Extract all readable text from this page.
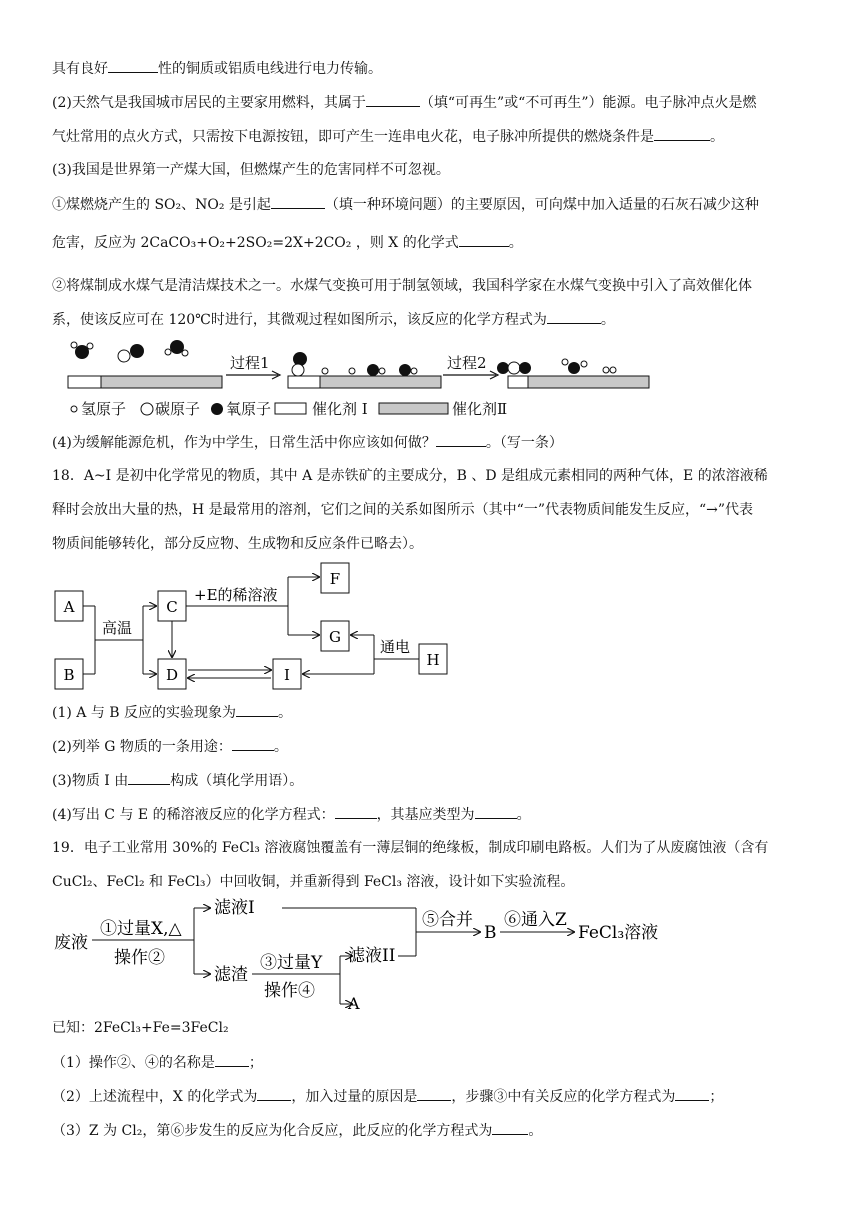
具有良好	性的铜质或铝质电线进行电力传输。
(2)天然气是我国城市居民的主要家用燃料，其属于	（填“可再生”或“不可再生”）能源。电子脉冲点火是燃
气灶常用的点火方式，只需按下电源按钮，即可产生一连串电火花，电子脉冲所提供的燃烧条件是	。
(3)我国是世界第一产煤大国，但燃煤产生的危害同样不可忽视。
①煤燃烧产生的 SO₂、NO₂ 是引起	（填一种环境问题）的主要原因，可向煤中加入适量的石灰石减少这种
危害，反应为 2CaCO₃+O₂+2SO₂=2X+2CO₂ ，则 X 的化学式	。
②将煤制成水煤气是清洁煤技术之一。水煤气变换可用于制氢领域，我国科学家在水煤气变换中引入了高效催化体
系，使该反应可在 120℃时进行，其微观过程如图所示，该反应的化学方程式为	。
过程1	过程2
氢原子 碳原子 氧原子	催化剂 I	催化剂Ⅱ
(4)为缓解能源危机，作为中学生，日常生活中你应该如何做？	。（写一条）
18．A~I 是初中化学常见的物质，其中 A 是赤铁矿的主要成分，B 、D 是组成元素相同的两种气体，E 的浓溶液稀
释时会放出大量的热，H 是最常用的溶剂，它们之间的关系如图所示（其中“一”代表物质间能发生反应，“→”代表
物质间能够转化，部分反应物、生成物和反应条件已略去）。
A
B
C
D
F
G
I
H
高温
+E的稀溶液
通电
(1) A 与 B 反应的实验现象为	。
(2)列举 G 物质的一条用途：	。
(3)物质 I 由	构成（填化学用语）。
(4)写出 C 与 E 的稀溶液反应的化学方程式：	，其基应类型为	。
19．电子工业常用 30%的 FeCl₃ 溶液腐蚀覆盖有一薄层铜的绝缘板，制成印刷电路板。人们为了从废腐蚀液（含有
CuCl₂、FeCl₂ 和 FeCl₃）中回收铜，并重新得到 FeCl₃ 溶液，设计如下实验流程。
废液
①过量X,△
操作②
滤液I
滤渣
③过量Y
操作④
滤液II
A
⑤合并
B
⑥通入Z
FeCl₃溶液
已知：2FeCl₃+Fe=3FeCl₂
（1）操作②、④的名称是 ；
（2）上述流程中，X 的化学式为 ，加入过量的原因是 ，步骤③中有关反应的化学方程式为 ；
（3）Z 为 Cl₂，第⑥步发生的反应为化合反应，此反应的化学方程式为	。
